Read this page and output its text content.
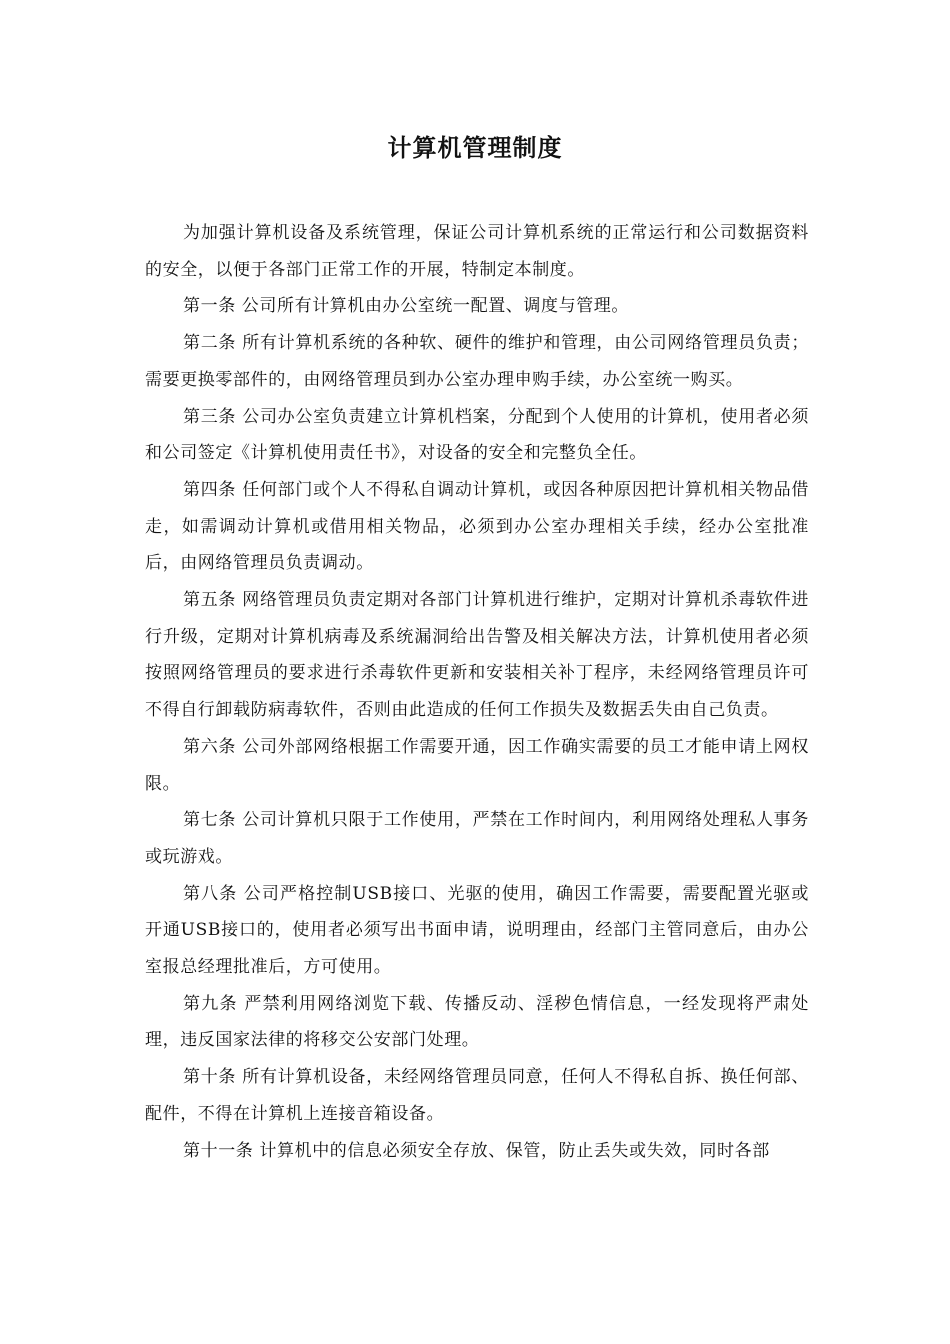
计算机管理制度

为加强计算机设备及系统管理，保证公司计算机系统的正常运行和公司数据资料的安全，以便于各部门正常工作的开展，特制定本制度。

第一条 公司所有计算机由办公室统一配置、调度与管理。

第二条 所有计算机系统的各种软、硬件的维护和管理，由公司网络管理员负责；需要更换零部件的，由网络管理员到办公室办理申购手续，办公室统一购买。

第三条 公司办公室负责建立计算机档案，分配到个人使用的计算机，使用者必须和公司签定《计算机使用责任书》，对设备的安全和完整负全任。

第四条 任何部门或个人不得私自调动计算机，或因各种原因把计算机相关物品借走，如需调动计算机或借用相关物品，必须到办公室办理相关手续，经办公室批准后，由网络管理员负责调动。

第五条 网络管理员负责定期对各部门计算机进行维护，定期对计算机杀毒软件进行升级，定期对计算机病毒及系统漏洞给出告警及相关解决方法，计算机使用者必须按照网络管理员的要求进行杀毒软件更新和安装相关补丁程序，未经网络管理员许可不得自行卸载防病毒软件，否则由此造成的任何工作损失及数据丢失由自己负责。

第六条 公司外部网络根据工作需要开通，因工作确实需要的员工才能申请上网权限。

第七条 公司计算机只限于工作使用，严禁在工作时间内，利用网络处理私人事务或玩游戏。

第八条 公司严格控制USB接口、光驱的使用，确因工作需要，需要配置光驱或开通USB接口的，使用者必须写出书面申请，说明理由，经部门主管同意后，由办公室报总经理批准后，方可使用。

第九条 严禁利用网络浏览下载、传播反动、淫秽色情信息，一经发现将严肃处理，违反国家法律的将移交公安部门处理。

第十条 所有计算机设备，未经网络管理员同意，任何人不得私自拆、换任何部、配件，不得在计算机上连接音箱设备。

第十一条 计算机中的信息必须安全存放、保管，防止丢失或失效，同时各部
